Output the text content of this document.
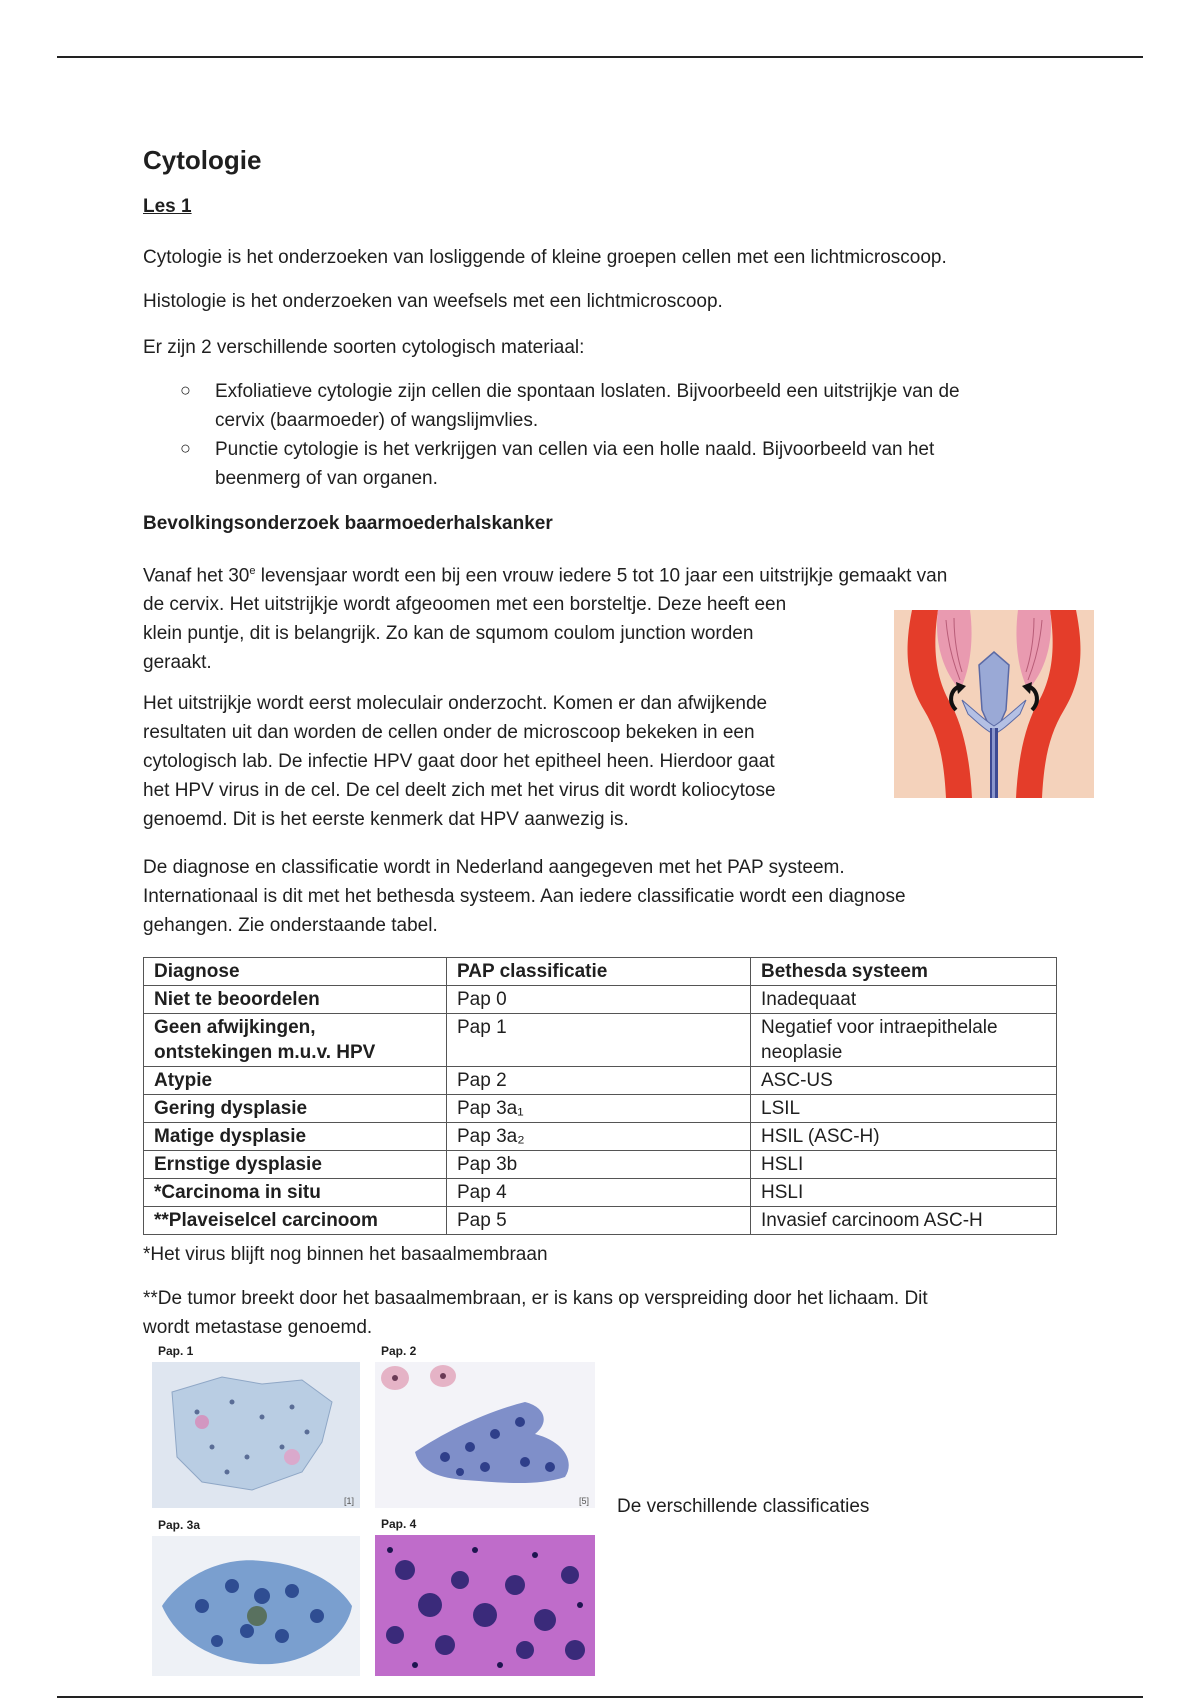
Cytologie
Les 1

Cytologie is het onderzoeken van losliggende of kleine groepen cellen met een lichtmicroscoop.

Histologie is het onderzoeken van weefsels met een lichtmicroscoop.

Er zijn 2 verschillende soorten cytologisch materiaal:

○ Exfoliatieve cytologie zijn cellen die spontaan loslaten. Bijvoorbeeld een uitstrijkje van de
cervix (baarmoeder) of wangslijmvlies.
○ Punctie cytologie is het verkrijgen van cellen via een holle naald. Bijvoorbeeld van het
beenmerg of van organen.
Bevolkingsonderzoek baarmoederhalskanker
Vanaf het 30e levensjaar wordt een bij een vrouw iedere 5 tot 10 jaar een uitstrijkje gemaakt van
de cervix. Het uitstrijkje wordt afgeoomen met een borsteltje. Deze heeft een
klein puntje, dit is belangrijk. Zo kan de squmom coulom junction worden
geraakt.
Het uitstrijkje wordt eerst moleculair onderzocht. Komen er dan afwijkende
resultaten uit dan worden de cellen onder de microscoop bekeken in een
cytologisch lab. De infectie HPV gaat door het epitheel heen. Hierdoor gaat
het HPV virus in de cel. De cel deelt zich met het virus dit wordt koliocytose
genoemd. Dit is het eerste kenmerk dat HPV aanwezig is.
De diagnose en classificatie wordt in Nederland aangegeven met het PAP systeem.
Internationaal is dit met het bethesda systeem. Aan iedere classificatie wordt een diagnose
gehangen. Zie onderstaande tabel.
Diagnose	PAP classificatie	Bethesda systeem
Niet te beoordelen	Pap 0	Inadequaat
Geen afwijkingen, ontstekingen m.u.v. HPV	Pap 1	Negatief voor intraepithelale neoplasie
Atypie	Pap 2	ASC-US
Gering dysplasie	Pap 3a₁	LSIL
Matige dysplasie	Pap 3a₂	HSIL (ASC-H)
Ernstige dysplasie	Pap 3b	HSLI
*Carcinoma in situ	Pap 4	HSLI
**Plaveiselcel carcinoom	Pap 5	Invasief carcinoom ASC-H
*Het virus blijft nog binnen het basaalmembraan
**De tumor breekt door het basaalmembraan, er is kans op verspreiding door het lichaam. Dit
wordt metastase genoemd.
Pap. 1
[1]
Pap. 2
[5] De verschillende classificaties
Pap. 3a	Pap. 4
